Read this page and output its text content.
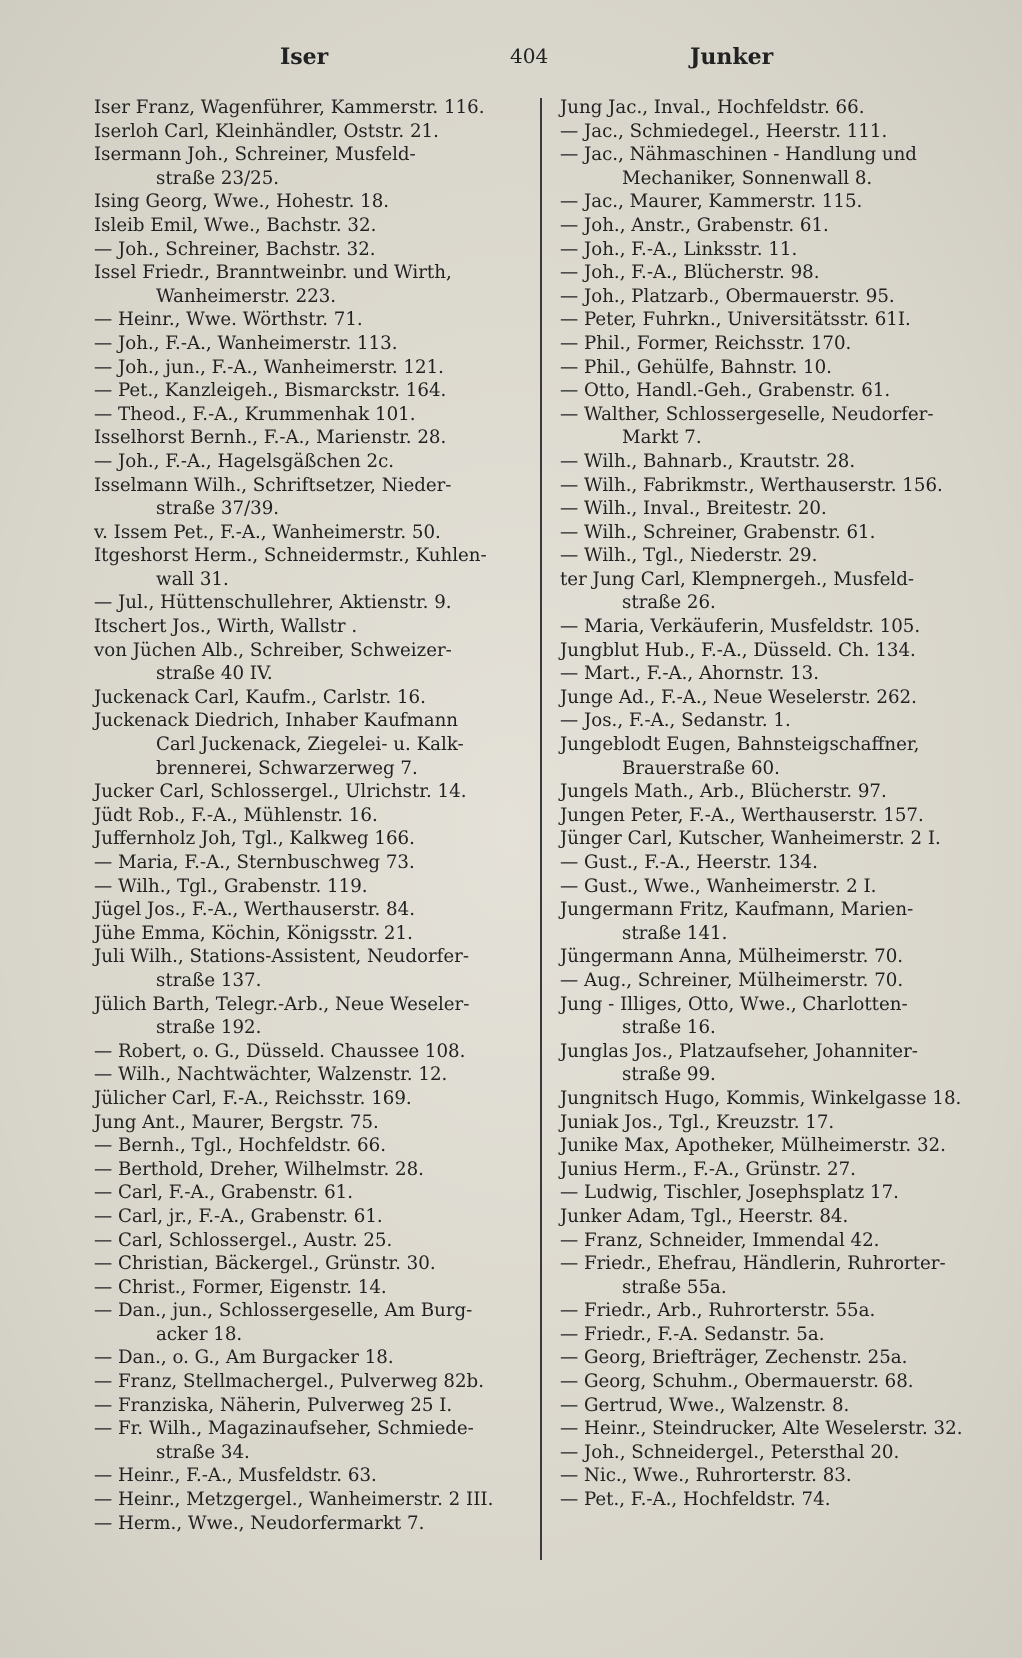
Iser	404	Junker
Iser Franz, Wagenführer, Kammerstr. 116.
Iserloh Carl, Kleinhändler, Oststr. 21.
Isermann Joh., Schreiner, Musfeld-
straße 23/25.
Ising Georg, Wwe., Hohestr. 18.
Isleib Emil, Wwe., Bachstr. 32.
— Joh., Schreiner, Bachstr. 32.
Issel Friedr., Branntweinbr. und Wirth,
Wanheimerstr. 223.
— Heinr., Wwe. Wörthstr. 71.
— Joh., F.-A., Wanheimerstr. 113.
— Joh., jun., F.-A., Wanheimerstr. 121.
— Pet., Kanzleigeh., Bismarckstr. 164.
— Theod., F.-A., Krummenhak 101.
Isselhorst Bernh., F.-A., Marienstr. 28.
— Joh., F.-A., Hagelsgäßchen 2c.
Isselmann Wilh., Schriftsetzer, Nieder-
straße 37/39.
v. Issem Pet., F.-A., Wanheimerstr. 50.
Itgeshorst Herm., Schneidermstr., Kuhlen-
wall 31.
— Jul., Hüttenschullehrer, Aktienstr. 9.
Itschert Jos., Wirth, Wallstr .
von Jüchen Alb., Schreiber, Schweizer-
straße 40 IV.
Juckenack Carl, Kaufm., Carlstr. 16.
Juckenack Diedrich, Inhaber Kaufmann
Carl Juckenack, Ziegelei- u. Kalk-
brennerei, Schwarzerweg 7.
Jucker Carl, Schlossergel., Ulrichstr. 14.
Jüdt Rob., F.-A., Mühlenstr. 16.
Juffernholz Joh, Tgl., Kalkweg 166.
— Maria, F.-A., Sternbuschweg 73.
— Wilh., Tgl., Grabenstr. 119.
Jügel Jos., F.-A., Werthauserstr. 84.
Jühe Emma, Köchin, Königsstr. 21.
Juli Wilh., Stations-Assistent, Neudorfer-
straße 137.
Jülich Barth, Telegr.-Arb., Neue Weseler-
straße 192.
— Robert, o. G., Düsseld. Chaussee 108.
— Wilh., Nachtwächter, Walzenstr. 12.
Jülicher Carl, F.-A., Reichsstr. 169.
Jung Ant., Maurer, Bergstr. 75.
— Bernh., Tgl., Hochfeldstr. 66.
— Berthold, Dreher, Wilhelmstr. 28.
— Carl, F.-A., Grabenstr. 61.
— Carl, jr., F.-A., Grabenstr. 61.
— Carl, Schlossergel., Austr. 25.
— Christian, Bäckergel., Grünstr. 30.
— Christ., Former, Eigenstr. 14.
— Dan., jun., Schlossergeselle, Am Burg-
acker 18.
— Dan., o. G., Am Burgacker 18.
— Franz, Stellmachergel., Pulverweg 82b.
— Franziska, Näherin, Pulverweg 25 I.
— Fr. Wilh., Magazinaufseher, Schmiede-
straße 34.
— Heinr., F.-A., Musfeldstr. 63.
— Heinr., Metzgergel., Wanheimerstr. 2 III.
— Herm., Wwe., Neudorfermarkt 7.
Jung Jac., Inval., Hochfeldstr. 66.
— Jac., Schmiedegel., Heerstr. 111.
— Jac., Nähmaschinen - Handlung und
Mechaniker, Sonnenwall 8.
— Jac., Maurer, Kammerstr. 115.
— Joh., Anstr., Grabenstr. 61.
— Joh., F.-A., Linksstr. 11.
— Joh., F.-A., Blücherstr. 98.
— Joh., Platzarb., Obermauerstr. 95.
— Peter, Fuhrkn., Universitätsstr. 61I.
— Phil., Former, Reichsstr. 170.
— Phil., Gehülfe, Bahnstr. 10.
— Otto, Handl.-Geh., Grabenstr. 61.
— Walther, Schlossergeselle, Neudorfer-
Markt 7.
— Wilh., Bahnarb., Krautstr. 28.
— Wilh., Fabrikmstr., Werthauserstr. 156.
— Wilh., Inval., Breitestr. 20.
— Wilh., Schreiner, Grabenstr. 61.
— Wilh., Tgl., Niederstr. 29.
ter Jung Carl, Klempnergeh., Musfeld-
straße 26.
— Maria, Verkäuferin, Musfeldstr. 105.
Jungblut Hub., F.-A., Düsseld. Ch. 134.
— Mart., F.-A., Ahornstr. 13.
Junge Ad., F.-A., Neue Weselerstr. 262.
— Jos., F.-A., Sedanstr. 1.
Jungeblodt Eugen, Bahnsteigschaffner,
Brauerstraße 60.
Jungels Math., Arb., Blücherstr. 97.
Jungen Peter, F.-A., Werthauserstr. 157.
Jünger Carl, Kutscher, Wanheimerstr. 2 I.
— Gust., F.-A., Heerstr. 134.
— Gust., Wwe., Wanheimerstr. 2 I.
Jungermann Fritz, Kaufmann, Marien-
straße 141.
Jüngermann Anna, Mülheimerstr. 70.
— Aug., Schreiner, Mülheimerstr. 70.
Jung - Illiges, Otto, Wwe., Charlotten-
straße 16.
Junglas Jos., Platzaufseher, Johanniter-
straße 99.
Jungnitsch Hugo, Kommis, Winkelgasse 18.
Juniak Jos., Tgl., Kreuzstr. 17.
Junike Max, Apotheker, Mülheimerstr. 32.
Junius Herm., F.-A., Grünstr. 27.
— Ludwig, Tischler, Josephsplatz 17.
Junker Adam, Tgl., Heerstr. 84.
— Franz, Schneider, Immendal 42.
— Friedr., Ehefrau, Händlerin, Ruhrorter-
straße 55a.
— Friedr., Arb., Ruhrorterstr. 55a.
— Friedr., F.-A. Sedanstr. 5a.
— Georg, Briefträger, Zechenstr. 25a.
— Georg, Schuhm., Obermauerstr. 68.
— Gertrud, Wwe., Walzenstr. 8.
— Heinr., Steindrucker, Alte Weselerstr. 32.
— Joh., Schneidergel., Petersthal 20.
— Nic., Wwe., Ruhrorterstr. 83.
— Pet., F.-A., Hochfeldstr. 74.
